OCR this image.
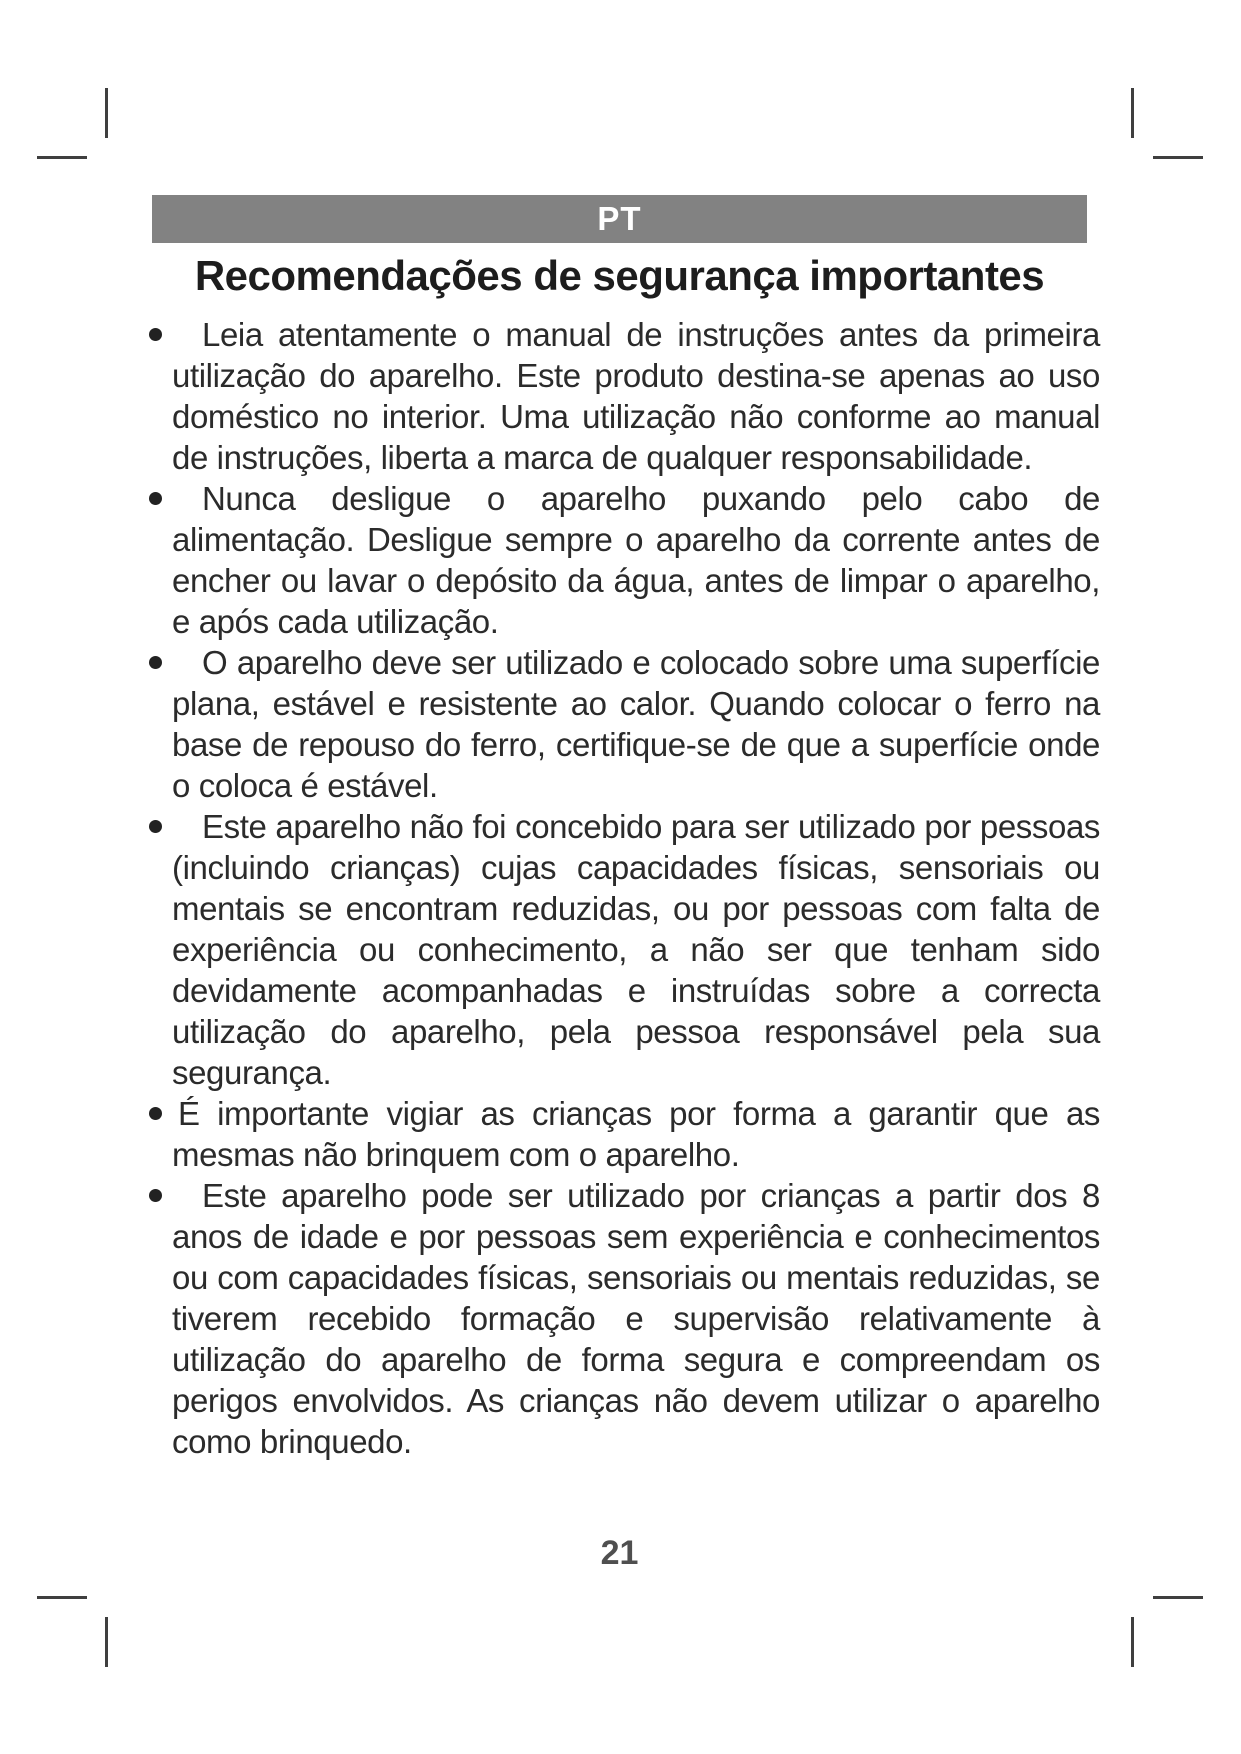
PT
Recomendações de segurança importantes

Leia atentamente o manual de instruções antes da primeira utilização do aparelho. Este produto destina-se apenas ao uso doméstico no interior. Uma utilização não conforme ao manual de instruções, liberta a marca de qualquer responsabilidade.

Nunca desligue o aparelho puxando pelo cabo de alimentação. Desligue sempre o aparelho da corrente antes de encher ou lavar o depósito da água, antes de limpar o aparelho, e após cada utilização.

O aparelho deve ser utilizado e colocado sobre uma superfície plana, estável e resistente ao calor. Quando colocar o ferro na base de repouso do ferro, certifique-se de que a superfície onde o coloca é estável.

Este aparelho não foi concebido para ser utilizado por pessoas (incluindo crianças) cujas capacidades físicas, sensoriais ou mentais se encontram reduzidas, ou por pessoas com falta de experiência ou conhecimento, a não ser que tenham sido devidamente acompanhadas e instruídas sobre a correcta utilização do aparelho, pela pessoa responsável pela sua segurança.

É importante vigiar as crianças por forma a garantir que as mesmas não brinquem com o aparelho.

Este aparelho pode ser utilizado por crianças a partir dos 8 anos de idade e por pessoas sem experiência e conhecimentos ou com capacidades físicas, sensoriais ou mentais reduzidas, se tiverem recebido formação e supervisão relativamente à utilização do aparelho de forma segura e compreendam os perigos envolvidos. As crianças não devem utilizar o aparelho como brinquedo.

21
